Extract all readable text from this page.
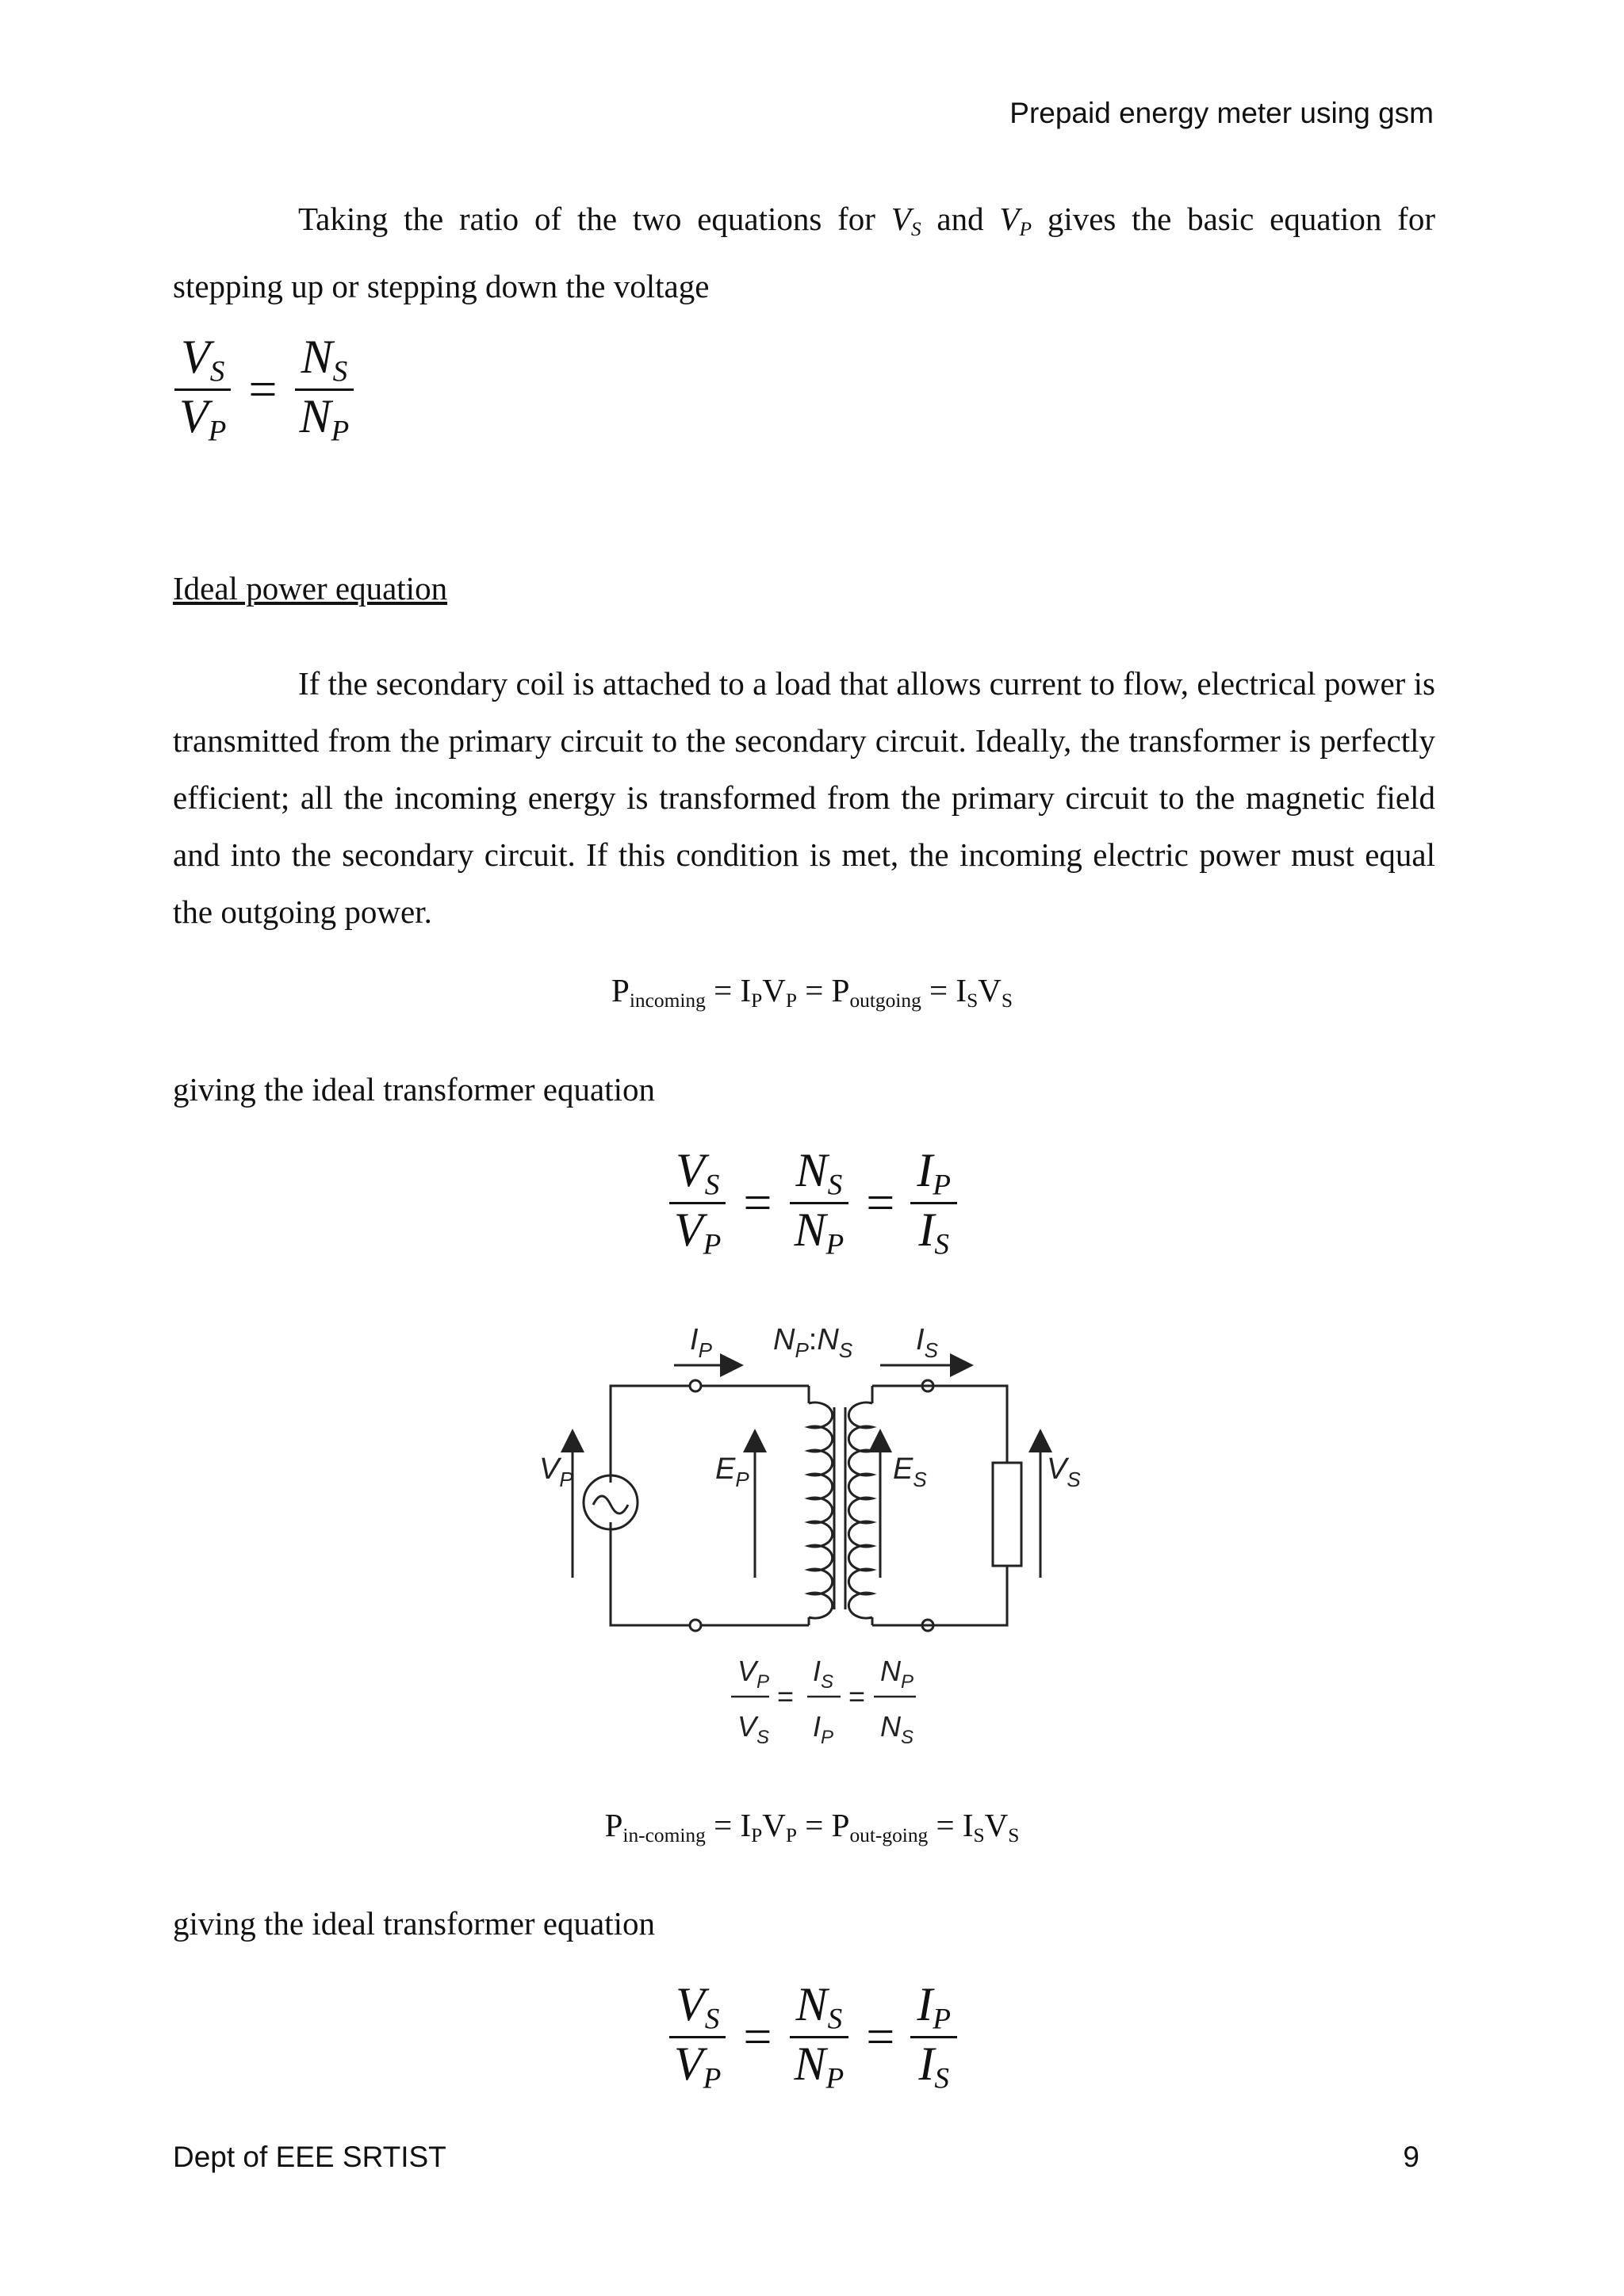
Prepaid energy meter using gsm
Taking the ratio of the two equations for $V_S$ and $V_P$ gives the basic equation for stepping up or stepping down the voltage
$\frac{V_S}{V_P} = \frac{N_S}{N_P}$
Ideal power equation
If the secondary coil is attached to a load that allows current to flow, electrical power is transmitted from the primary circuit to the secondary circuit. Ideally, the transformer is perfectly efficient; all the incoming energy is transformed from the primary circuit to the magnetic field and into the secondary circuit. If this condition is met, the incoming electric power must equal the outgoing power.
$P_{incoming} = I_PV_P = P_{outgoing} = I_SV_S$
giving the ideal transformer equation
$\frac{V_S}{V_P} = \frac{N_S}{N_P} = \frac{I_P}{I_S}$
$I_P$ $N_P:N_S$ $I_S$
$V_P$	$E_P$	$E_S$	$V_S$
$V_P$
$V_S$
$I_S$
$I_P$
$N_P$
$N_S$
= =
$P_{in-coming} = I_PV_P = P_{out-going} = I_SV_S$
giving the ideal transformer equation
$\frac{V_S}{V_P} = \frac{N_S}{N_P} = \frac{I_P}{I_S}$
Dept of EEE SRTIST	9
